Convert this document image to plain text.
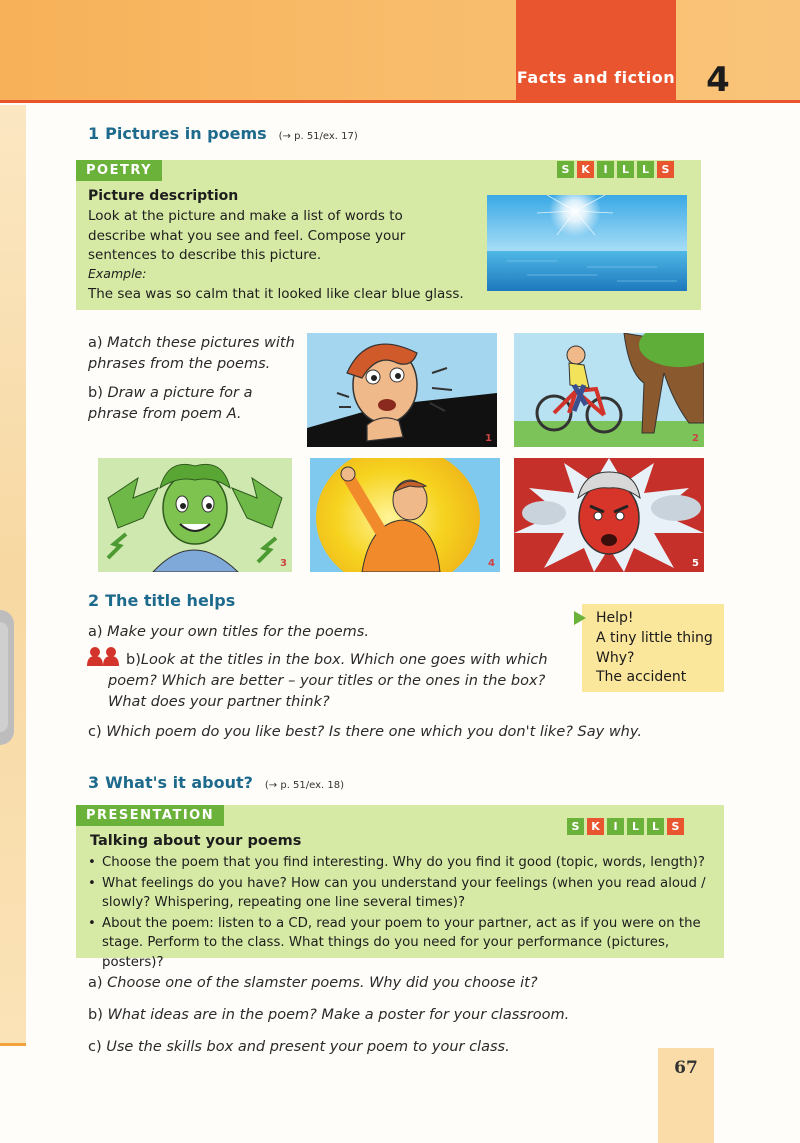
Facts and fiction 4
1 Pictures in poems (→ p. 51/ex. 17)
POETRY	S	K	I	L	L	S
Picture description
Look at the picture and make a list of words to describe what you see and feel. Compose your sentences to describe this picture.
Example:
The sea was so calm that it looked like clear blue glass.
a) Match these pictures with phrases from the poems.
b) Draw a picture for a phrase from poem A.
1	2
3	4	5
2 The title helps
a) Make your own titles for the poems.
b)Look at the titles in the box. Which one goes with which poem? Which are better – your titles or the ones in the box? What does your partner think?
c) Which poem do you like best? Is there one which you don't like? Say why.
Help!
A tiny little thing
Why?
The accident
3 What's it about? (→ p. 51/ex. 18)
PRESENTATION
S	K	I	L	L	S
Talking about your poems
• Choose the poem that you find interesting. Why do you find it good (topic, words, length)?
• What feelings do you have? How can you understand your feelings (when you read aloud / slowly? Whispering, repeating one line several times)?
• About the poem: listen to a CD, read your poem to your partner, act as if you were on the stage. Perform to the class. What things do you need for your performance (pictures, posters)?
a) Choose one of the slamster poems. Why did you choose it?
b) What ideas are in the poem? Make a poster for your classroom.
c) Use the skills box and present your poem to your class.
67
